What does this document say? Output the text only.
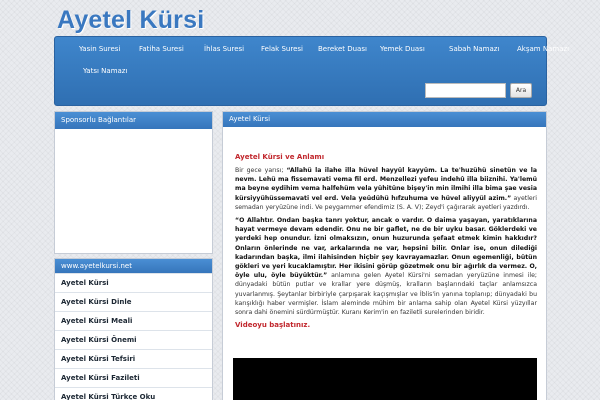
Ayetel Kürsi
Yasin Suresi	Fatiha Suresi	İhlas Suresi Felak Suresi Bereket Duası Yemek Duası	Sabah Namazı	Akşam Namazı
Yatsı Namazı
Ara
Sponsorlu Bağlantılar
www.ayetelkursi.net
Ayetel Kürsi
Ayetel Kürsi Dinle
Ayetel Kürsi Meali
Ayetel Kürsi Önemi
Ayetel Kürsi Tefsiri
Ayetel Kürsi Fazileti
Ayetel Kürsi Türkçe Oku
Ayetel Kürsi
Ayetel Kürsi ve Anlamı

Bir gece yarısı; “Allahü la ilahe illa hüvel hayyül kayyüm. La te'huzühü sinetün ve la nevm. Lehü ma fissemavati vema fil erd. Menzellezi yefeu indehû illa biiznihi. Ya'lemü ma beyne eydihim vema halfehüm vela yühitüne bişey'in min ilmihi illa bima şae vesia kürsiyyühüssemavati vel erd. Vela yeüdühü hıfzuhuma ve hüvel aliyyül azim.” ayetleri semadan yeryüzüne indi. Ve peygammer efendimiz (S. A. V); Zeyd'i çağırarak ayetleri yazdırdı.

“O Allahtır. Ondan başka tanrı yoktur, ancak o vardır. O daima yaşayan, yaratıklarına hayat vermeye devam edendir. Onu ne bir gaflet, ne de bir uyku basar. Göklerdeki ve yerdeki hep onundur. İzni olmaksızın, onun huzurunda şefaat etmek kimin hakkıdır? Onların önlerinde ne var, arkalarında ne var, hepsini bilir. Onlar ise, onun dilediği kadarından başka, ilmi ilahisinden hiçbir şey kavrayamazlar. Onun egemenliği, bütün gökleri ve yeri kucaklamıştır. Her ikisini görüp gözetmek onu bir ağırlık da vermez. O, öyle ulu, öyle büyüktür.” anlamına gelen Ayetel Kürsi'ni semadan yeryüzüne inmesi ile; dünyadaki bütün putlar ve krallar yere düşmüş, kralların başlarındaki taçlar anlamsızca yuvarlanmış. Şeytanlar birbiriyle çarpışarak kaçışmışlar ve İblis'in yanına toplanıp; dünyadaki bu karışıklığı haber vermişler. İslam aleminde mühim bir anlama sahip olan Ayetel Kürsi yüzyıllar sonra dahi önemini sürdürmüştür. Kuranı Kerim'in en faziletli surelerinden biridir.

Videoyu başlatınız.
